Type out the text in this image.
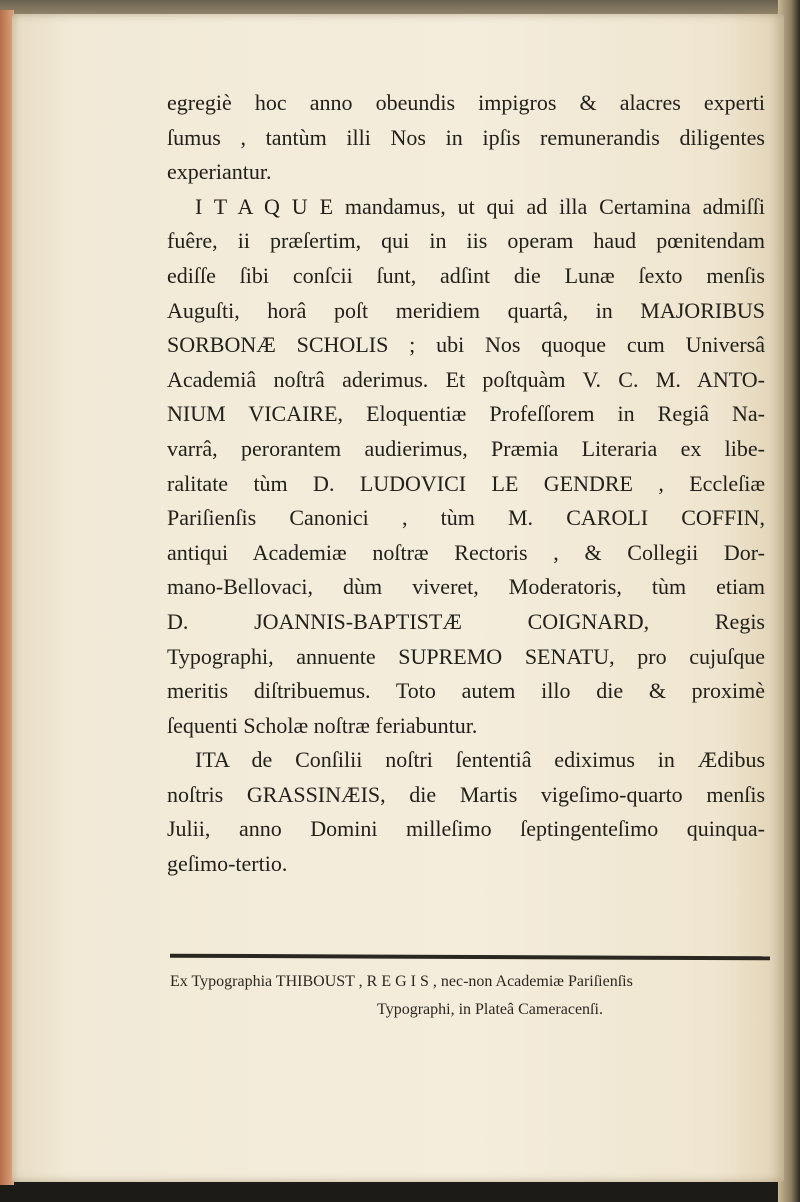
egregiè hoc anno obeundis impigros & alacres experti
ſumus , tantùm illi Nos in ipſis remunerandis diligentes
experiantur.

I T A Q U E mandamus, ut qui ad illa Certamina admiſſi
fuêre, ii præſertim, qui in iis operam haud pœnitendam
ediſſe ſibi conſcii ſunt, adſint die Lunæ ſexto menſis
Auguſti, horâ poſt meridiem quartâ, in MAJORIBUS
SORBONÆ SCHOLIS ; ubi Nos quoque cum Universâ
Academiâ noſtrâ aderimus. Et poſtquàm V. C. M. ANTO-
NIUM VICAIRE, Eloquentiæ Profeſſorem in Regiâ Na-
varrâ, perorantem audierimus, Præmia Literaria ex libe-
ralitate tùm D. LUDOVICI LE GENDRE , Eccleſiæ
Pariſienſis Canonici , tùm M. CAROLI COFFIN,
antiqui Academiæ noſtræ Rectoris , & Collegii Dor-
mano-Bellovaci, dùm viveret, Moderatoris, tùm etiam
D. JOANNIS-BAPTISTÆ COIGNARD, Regis
Typographi, annuente SUPREMO SENATU, pro cujuſque
meritis diſtribuemus. Toto autem illo die & proximè
ſequenti Scholæ noſtræ feriabuntur.

ITA de Conſilii noſtri ſententiâ ediximus in Ædibus
noſtris GRASSINÆIS, die Martis vigeſimo-quarto menſis
Julii, anno Domini milleſimo ſeptingenteſimo quinqua-
geſimo-tertio.

Ex Typographia THIBOUST , R E G I S , nec-non Academiæ Pariſienſis
Typographi, in Plateâ Cameracenſi.
